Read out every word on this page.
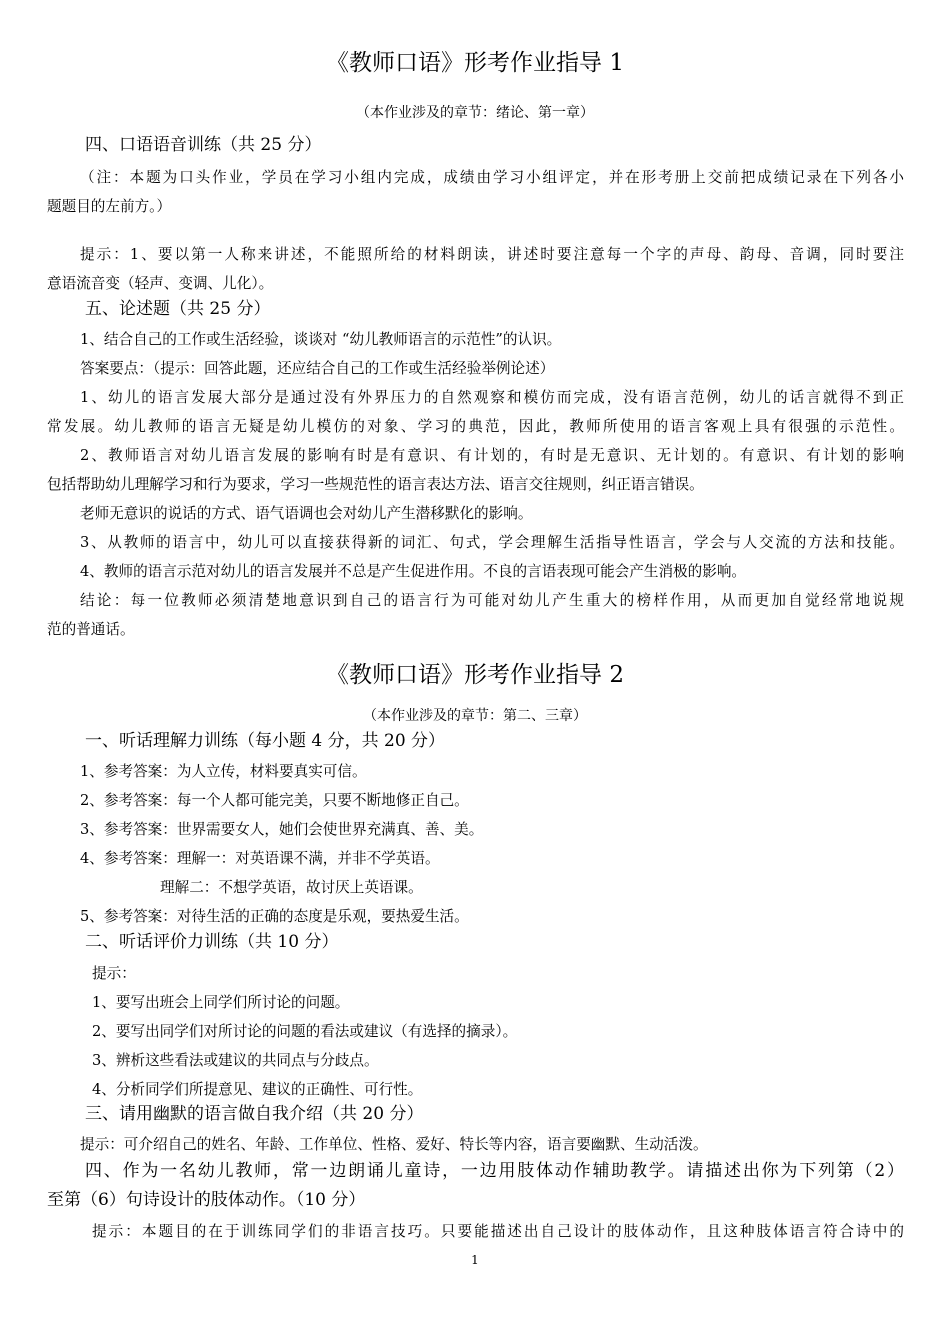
《教师口语》形考作业指导 1
（本作业涉及的章节：绪论、第一章）
四、口语语音训练（共 25 分）
（注：本题为口头作业，学员在学习小组内完成，成绩由学习小组评定，并在形考册上交前把成绩记录在下列各小
题题目的左前方。）
提示：1、要以第一人称来讲述，不能照所给的材料朗读，讲述时要注意每一个字的声母、韵母、音调，同时要注
意语流音变（轻声、变调、儿化）。
五、论述题（共 25 分）
1、结合自己的工作或生活经验，谈谈对 “幼儿教师语言的示范性”的认识。
答案要点：（提示：回答此题，还应结合自己的工作或生活经验举例论述）
1、幼儿的语言发展大部分是通过没有外界压力的自然观察和模仿而完成，没有语言范例，幼儿的话言就得不到正
常发展。幼儿教师的语言无疑是幼儿模仿的对象、学习的典范，因此，教师所使用的语言客观上具有很强的示范性。
2、教师语言对幼儿语言发展的影响有时是有意识、有计划的，有时是无意识、无计划的。有意识、有计划的影响
包括帮助幼儿理解学习和行为要求，学习一些规范性的语言表达方法、语言交往规则，纠正语言错误。
老师无意识的说话的方式、语气语调也会对幼儿产生潜移默化的影响。
3、从教师的语言中，幼儿可以直接获得新的词汇、句式，学会理解生活指导性语言，学会与人交流的方法和技能。
4、教师的语言示范对幼儿的语言发展并不总是产生促进作用。不良的言语表现可能会产生消极的影响。
结论：每一位教师必须清楚地意识到自己的语言行为可能对幼儿产生重大的榜样作用，从而更加自觉经常地说规
范的普通话。
《教师口语》形考作业指导 2
（本作业涉及的章节：第二、三章）
一、听话理解力训练（每小题 4 分，共 20 分）
1、参考答案：为人立传，材料要真实可信。
2、参考答案：每一个人都可能完美，只要不断地修正自己。
3、参考答案：世界需要女人，她们会使世界充满真、善、美。
4、参考答案：理解一：对英语课不满，并非不学英语。
理解二：不想学英语，故讨厌上英语课。
5、参考答案：对待生活的正确的态度是乐观，要热爱生活。
二、听话评价力训练（共 10 分）
提示：
1、要写出班会上同学们所讨论的问题。
2、要写出同学们对所讨论的问题的看法或建议（有选择的摘录）。
3、辨析这些看法或建议的共同点与分歧点。
4、分析同学们所提意见、建议的正确性、可行性。
三、请用幽默的语言做自我介绍（共 20 分）
提示：可介绍自己的姓名、年龄、工作单位、性格、爱好、特长等内容，语言要幽默、生动活泼。
四、作为一名幼儿教师，常一边朗诵儿童诗，一边用肢体动作辅助教学。请描述出你为下列第（2）
至第（6）句诗设计的肢体动作。（10 分）
提示：本题目的在于训练同学们的非语言技巧。只要能描述出自己设计的肢体动作，且这种肢体语言符合诗中的
1
